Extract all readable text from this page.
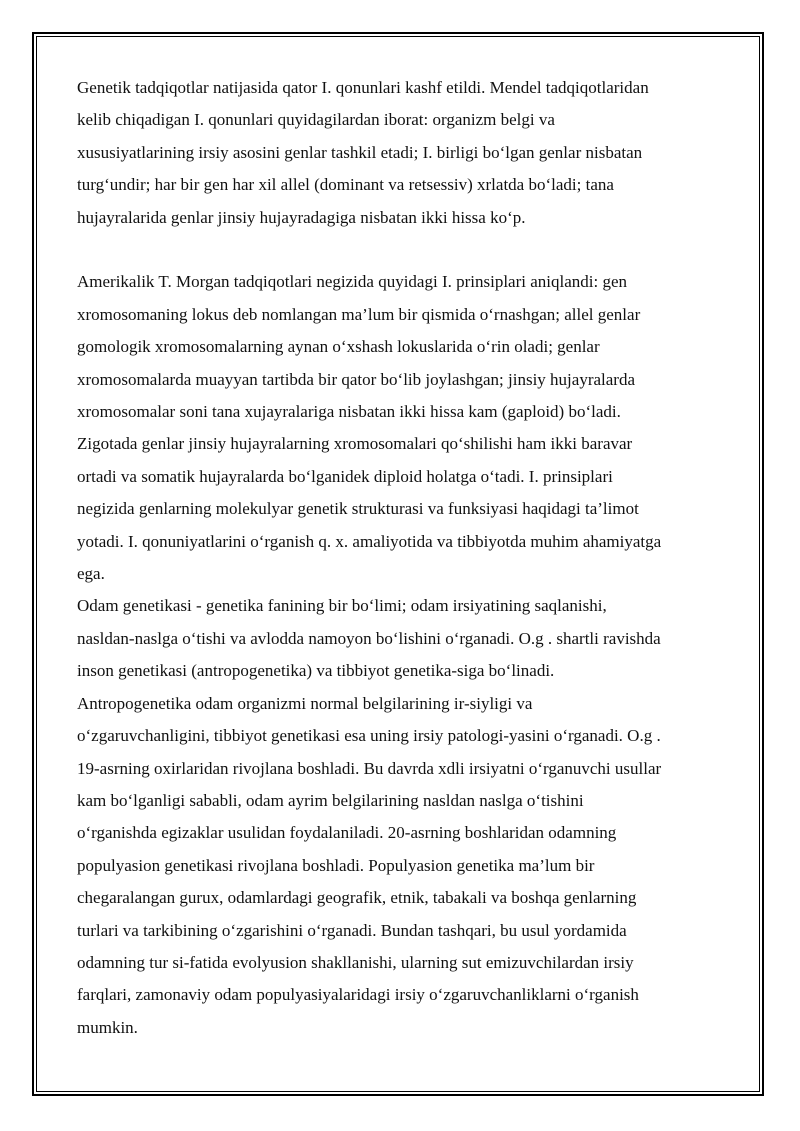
Genetik tadqiqotlar natijasida qator I. qonunlari kashf etildi. Mendel tadqiqotlaridan
kelib chiqadigan I. qonunlari quyidagilardan iborat: organizm belgi va
xususiyatlarining irsiy asosini genlar tashkil etadi; I. birligi bo‘lgan genlar nisbatan
turg‘undir; har bir gen har xil allel (dominant va retsessiv) xrlatda bo‘ladi; tana
hujayralarida genlar jinsiy hujayradagiga nisbatan ikki hissa ko‘p.

Amerikalik T. Morgan tadqiqotlari negizida quyidagi I. prinsiplari aniqlandi: gen
xromosomaning lokus deb nomlangan ma’lum bir qismida o‘rnashgan; allel genlar
gomologik xromosomalarning aynan o‘xshash lokuslarida o‘rin oladi; genlar
xromosomalarda muayyan tartibda bir qator bo‘lib joylashgan; jinsiy hujayralarda
xromosomalar soni tana xujayralariga nisbatan ikki hissa kam (gaploid) bo‘ladi.
Zigotada genlar jinsiy hujayralarning xromosomalari qo‘shilishi ham ikki baravar
ortadi va somatik hujayralarda bo‘lganidek diploid holatga o‘tadi. I. prinsiplari
negizida genlarning molekulyar genetik strukturasi va funksiyasi haqidagi ta’limot
yotadi. I. qonuniyatlarini o‘rganish q. x. amaliyotida va tibbiyotda muhim ahamiyatga
ega.

Odam genetikasi - genetika fanining bir bo‘limi; odam irsiyatining saqlanishi,
nasldan-naslga o‘tishi va avlodda namoyon bo‘lishini o‘rganadi. O.g . shartli ravishda
inson genetikasi (antropogenetika) va tibbiyot genetika-siga bo‘linadi.
Antropogenetika odam organizmi normal belgilarining ir-siyligi va
o‘zgaruvchanligini, tibbiyot genetikasi esa uning irsiy patologi-yasini o‘rganadi. O.g .
19-asrning oxirlaridan rivojlana boshladi. Bu davrda xdli irsiyatni o‘rganuvchi usullar
kam bo‘lganligi sababli, odam ayrim belgilarining nasldan naslga o‘tishini
o‘rganishda egizaklar usulidan foydalaniladi. 20-asrning boshlaridan odamning
populyasion genetikasi rivojlana boshladi. Populyasion genetika ma’lum bir
chegaralangan gurux, odamlardagi geografik, etnik, tabakali va boshqa genlarning
turlari va tarkibining o‘zgarishini o‘rganadi. Bundan tashqari, bu usul yordamida
odamning tur si-fatida evolyusion shakllanishi, ularning sut emizuvchilardan irsiy
farqlari, zamonaviy odam populyasiyalaridagi irsiy o‘zgaruvchanliklarni o‘rganish
mumkin.
